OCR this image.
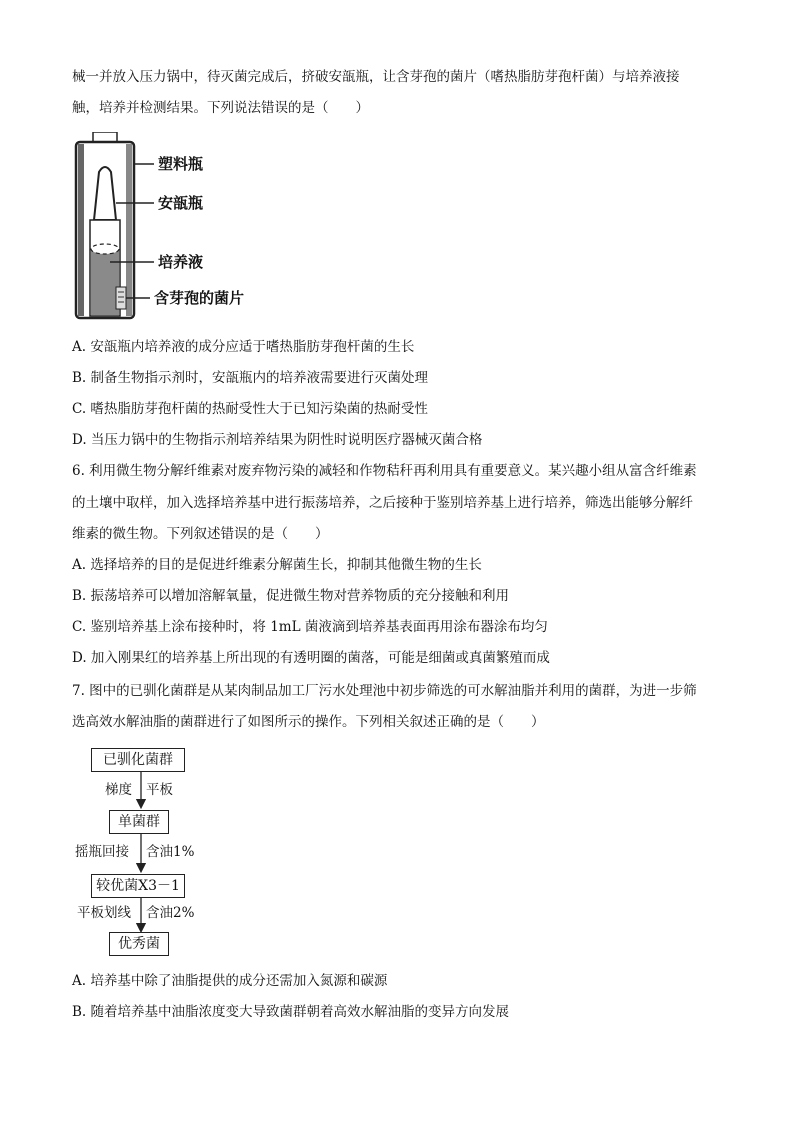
械一并放入压力锅中，待灭菌完成后，挤破安瓿瓶，让含芽孢的菌片（嗜热脂肪芽孢杆菌）与培养液接
触，培养并检测结果。下列说法错误的是（　　）
塑料瓶
安瓿瓶
培养液
含芽孢的菌片
A. 安瓿瓶内培养液的成分应适于嗜热脂肪芽孢杆菌的生长
B. 制备生物指示剂时，安瓿瓶内的培养液需要进行灭菌处理
C. 嗜热脂肪芽孢杆菌的热耐受性大于已知污染菌的热耐受性
D. 当压力锅中的生物指示剂培养结果为阴性时说明医疗器械灭菌合格
6. 利用微生物分解纤维素对废弃物污染的减轻和作物秸秆再利用具有重要意义。某兴趣小组从富含纤维素
的土壤中取样，加入选择培养基中进行振荡培养，之后接种于鉴别培养基上进行培养，筛选出能够分解纤
维素的微生物。下列叙述错误的是（　　）
A. 选择培养的目的是促进纤维素分解菌生长，抑制其他微生物的生长
B. 振荡培养可以增加溶解氧量，促进微生物对营养物质的充分接触和利用
C. 鉴别培养基上涂布接种时，将 1mL 菌液滴到培养基表面再用涂布器涂布均匀
D. 加入刚果红的培养基上所出现的有透明圈的菌落，可能是细菌或真菌繁殖而成
7. 图中的已驯化菌群是从某肉制品加工厂污水处理池中初步筛选的可水解油脂并利用的菌群，为进一步筛
选高效水解油脂的菌群进行了如图所示的操作。下列相关叙述正确的是（　　）
已驯化菌群
梯度 平板
单菌群
摇瓶回接 含油1%
较优菌X3－1
平板划线 含油2%
优秀菌
A. 培养基中除了油脂提供的成分还需加入氮源和碳源
B. 随着培养基中油脂浓度变大导致菌群朝着高效水解油脂的变异方向发展
